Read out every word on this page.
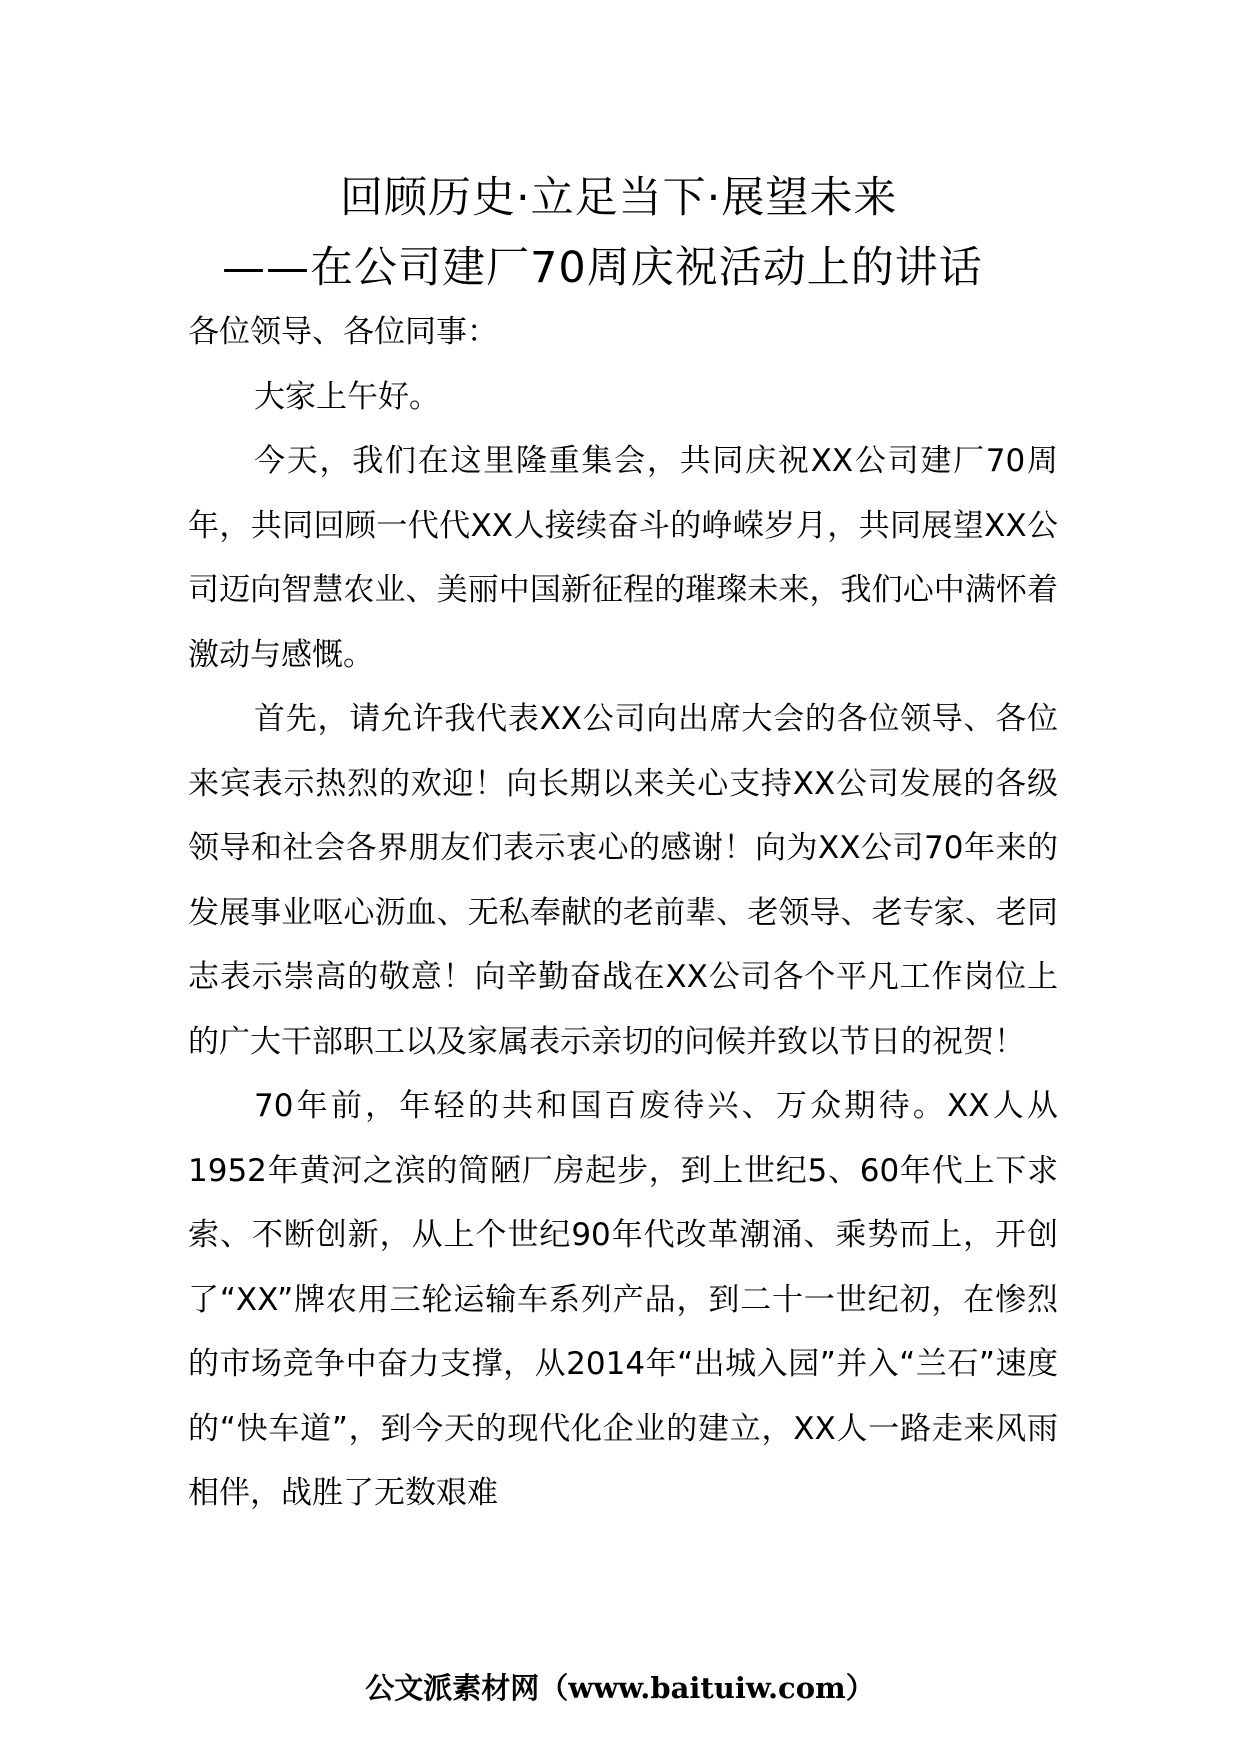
回顾历史·立足当下·展望未来
——在公司建厂70周庆祝活动上的讲话

各位领导、各位同事：

大家上午好。

今天，我们在这里隆重集会，共同庆祝XX公司建厂70周年，共同回顾一代代XX人接续奋斗的峥嵘岁月，共同展望XX公司迈向智慧农业、美丽中国新征程的璀璨未来，我们心中满怀着激动与感慨。

首先，请允许我代表XX公司向出席大会的各位领导、各位来宾表示热烈的欢迎！向长期以来关心支持XX公司发展的各级领导和社会各界朋友们表示衷心的感谢！向为XX公司70年来的发展事业呕心沥血、无私奉献的老前辈、老领导、老专家、老同志表示崇高的敬意！向辛勤奋战在XX公司各个平凡工作岗位上的广大干部职工以及家属表示亲切的问候并致以节日的祝贺！

70年前，年轻的共和国百废待兴、万众期待。XX人从1952年黄河之滨的简陋厂房起步，到上世纪5、60年代上下求索、不断创新，从上个世纪90年代改革潮涌、乘势而上，开创了“XX”牌农用三轮运输车系列产品，到二十一世纪初，在惨烈的市场竞争中奋力支撑，从2014年“出城入园”并入“兰石”速度的“快车道”，到今天的现代化企业的建立，XX人一路走来风雨相伴，战胜了无数艰难

公文派素材网（www.baituiw.com）
